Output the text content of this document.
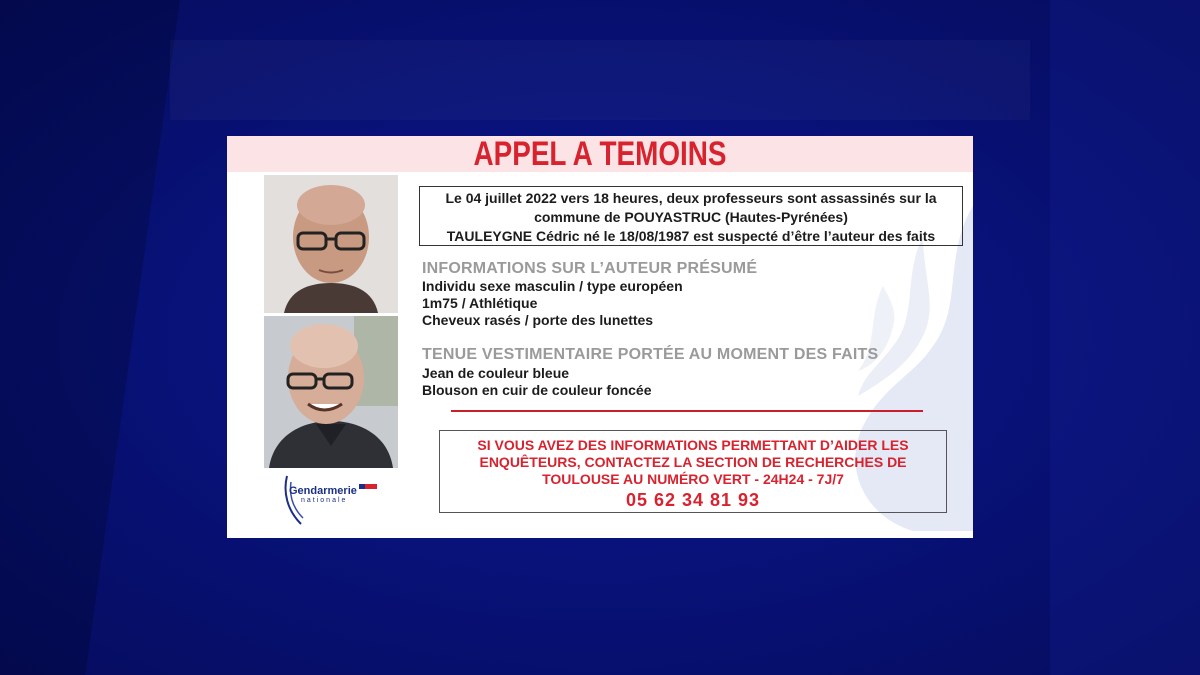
APPEL A TEMOINS
Le 04 juillet 2022 vers 18 heures, deux professeurs sont assassinés sur la
commune de POUYASTRUC (Hautes-Pyrénées)
TAULEYGNE Cédric né le 18/08/1987 est suspecté d’être l’auteur des faits
INFORMATIONS SUR L’AUTEUR PRÉSUMÉ
Individu sexe masculin / type européen
1m75 / Athlétique
Cheveux rasés / porte des lunettes
TENUE VESTIMENTAIRE PORTÉE AU MOMENT DES FAITS
Jean de couleur bleue
Blouson en cuir de couleur foncée
SI VOUS AVEZ DES INFORMATIONS PERMETTANT D’AIDER LES
ENQUÊTEURS, CONTACTEZ LA SECTION DE RECHERCHES DE
TOULOUSE AU NUMÉRO VERT - 24H24 - 7J/7
05 62 34 81 93
Gendarmerie
nationale
